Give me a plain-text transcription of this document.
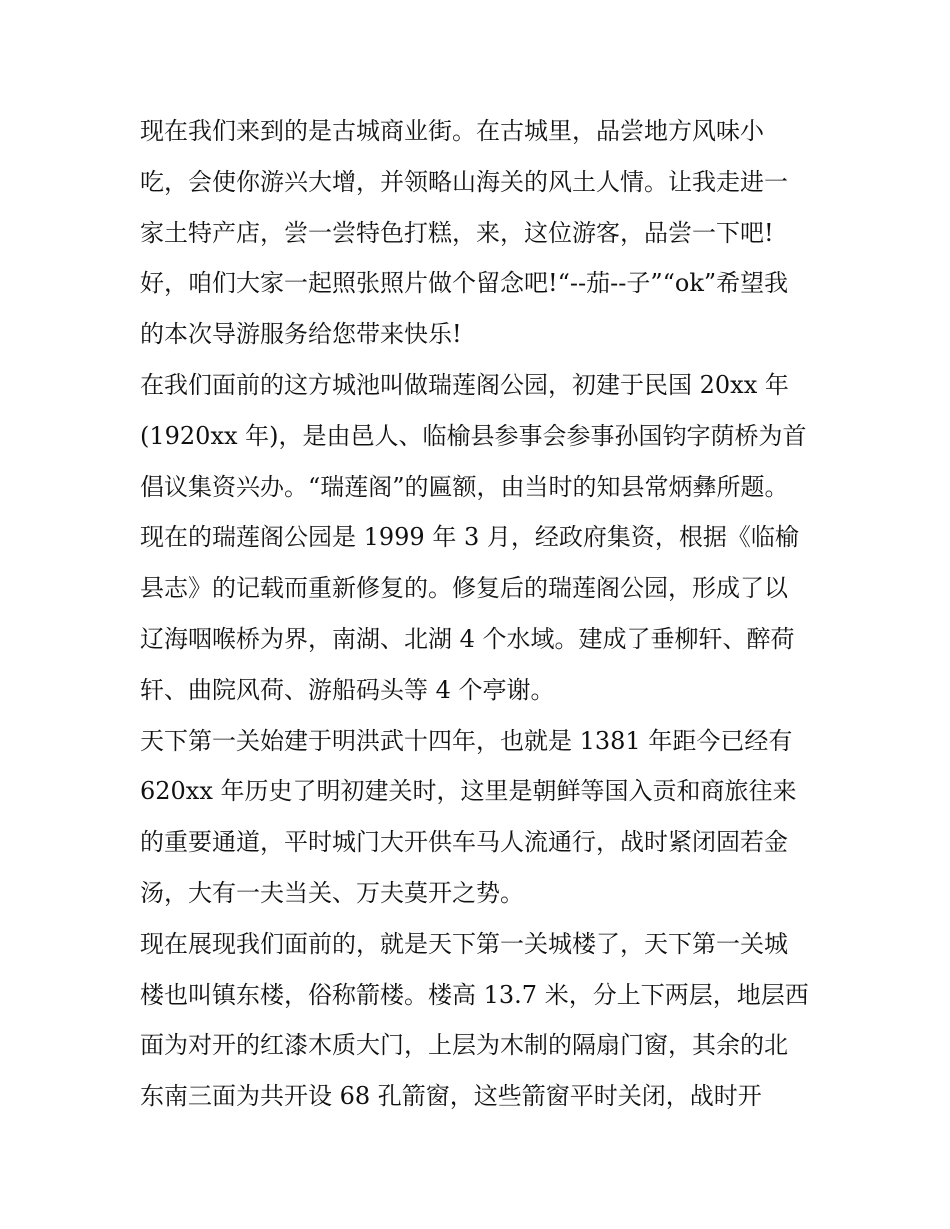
现在我们来到的是古城商业街。在古城里，品尝地方风味小
吃，会使你游兴大增，并领略山海关的风土人情。让我走进一
家土特产店，尝一尝特色打糕，来，这位游客，品尝一下吧!
好，咱们大家一起照张照片做个留念吧!“--茄--子”“ok”希望我
的本次导游服务给您带来快乐!
在我们面前的这方城池叫做瑞莲阁公园，初建于民国 20xx 年
(1920xx 年)，是由邑人、临榆县参事会参事孙国钧字荫桥为首
倡议集资兴办。“瑞莲阁”的匾额，由当时的知县常炳彝所题。
现在的瑞莲阁公园是 1999 年 3 月，经政府集资，根据《临榆
县志》的记载而重新修复的。修复后的瑞莲阁公园，形成了以
辽海咽喉桥为界，南湖、北湖 4 个水域。建成了垂柳轩、醉荷
轩、曲院风荷、游船码头等 4 个亭谢。
天下第一关始建于明洪武十四年，也就是 1381 年距今已经有
620xx 年历史了明初建关时，这里是朝鲜等国入贡和商旅往来
的重要通道，平时城门大开供车马人流通行，战时紧闭固若金
汤，大有一夫当关、万夫莫开之势。
现在展现我们面前的，就是天下第一关城楼了，天下第一关城
楼也叫镇东楼，俗称箭楼。楼高 13.7 米，分上下两层，地层西
面为对开的红漆木质大门，上层为木制的隔扇门窗，其余的北
东南三面为共开设 68 孔箭窗，这些箭窗平时关闭，战时开
